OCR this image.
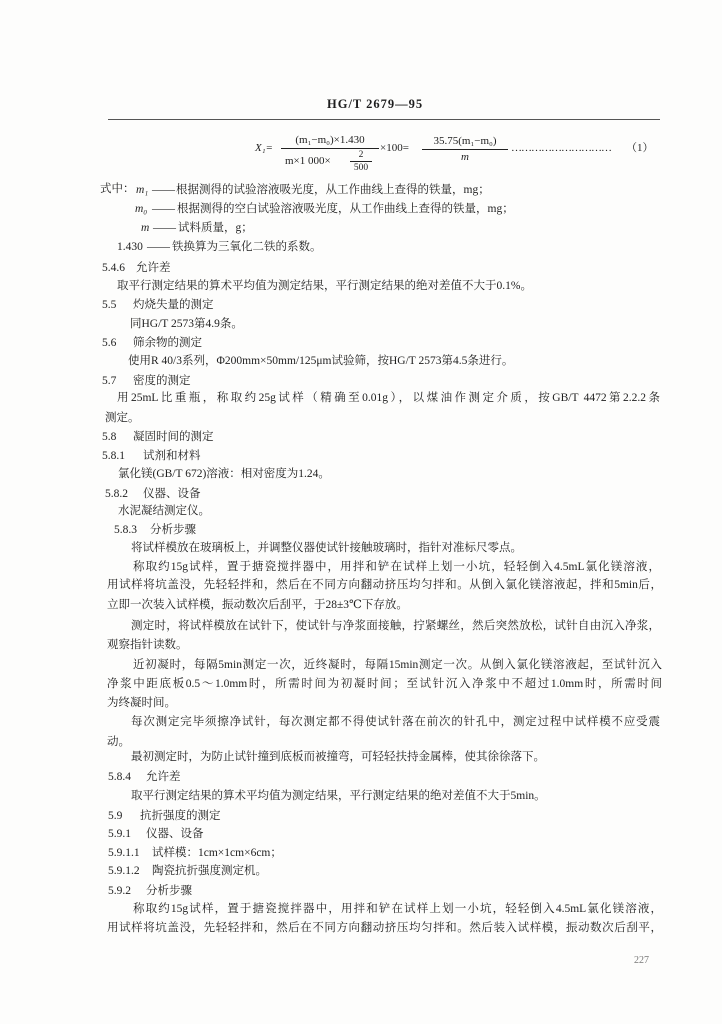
HG/T 2679—95
X₁=
(m₁−m₀)×1.430
m×1 000×	2
500
×100=
35.75(m₁−m₀)
m
…………………………	（1）
式中： m₁ —— 根据测得的试验溶液吸光度，从工作曲线上查得的铁量，mg；
m₀ —— 根据测得的空白试验溶液吸光度，从工作曲线上查得的铁量，mg；
m —— 试料质量，g；
1.430 —— 铁换算为三氧化二铁的系数。
5.4.6 允许差
取平行测定结果的算术平均值为测定结果，平行测定结果的绝对差值不大于0.1%。
5.5 灼烧失量的测定
同HG/T 2573第4.9条。
5.6 筛余物的测定
使用R 40/3系列，Φ200mm×50mm/125μm试验筛，按HG/T 2573第4.5条进行。
5.7 密度的测定
用25mL比重瓶，称取约25g试样（精确至0.01g），以煤油作测定介质，按GB/T 4472第2.2.2条
测定。
5.8 凝固时间的测定
5.8.1 试剂和材料
氯化镁(GB/T 672)溶液：相对密度为1.24。
5.8.2 仪器、设备
水泥凝结测定仪。
5.8.3 分析步骤
将试样模放在玻璃板上，并调整仪器使试针接触玻璃时，指针对准标尺零点。
称取约15g试样，置于搪瓷搅拌器中，用拌和铲在试样上划一小坑，轻轻倒入4.5mL氯化镁溶液，
用试样将坑盖没，先轻轻拌和，然后在不同方向翻动挤压均匀拌和。从倒入氯化镁溶液起，拌和5min后，
立即一次装入试样模，振动数次后刮平，于28±3℃下存放。
测定时，将试样模放在试针下，使试针与净浆面接触，拧紧螺丝，然后突然放松，试针自由沉入净浆，
观察指针读数。
近初凝时，每隔5min测定一次，近终凝时，每隔15min测定一次。从倒入氯化镁溶液起，至试针沉入
净浆中距底板0.5～1.0mm时，所需时间为初凝时间；至试针沉入净浆中不超过1.0mm时，所需时间
为终凝时间。
每次测定完毕须擦净试针，每次测定都不得使试针落在前次的针孔中，测定过程中试样模不应受震
动。
最初测定时，为防止试针撞到底板而被撞弯，可轻轻扶持金属棒，使其徐徐落下。
5.8.4 允许差
取平行测定结果的算术平均值为测定结果，平行测定结果的绝对差值不大于5min。
5.9 抗折强度的测定
5.9.1 仪器、设备
5.9.1.1 试样模：1cm×1cm×6cm；
5.9.1.2 陶瓷抗折强度测定机。
5.9.2 分析步骤
称取约15g试样，置于搪瓷搅拌器中，用拌和铲在试样上划一小坑，轻轻倒入4.5mL氯化镁溶液，
用试样将坑盖没，先轻轻拌和，然后在不同方向翻动挤压均匀拌和。然后装入试样模，振动数次后刮平，
227
